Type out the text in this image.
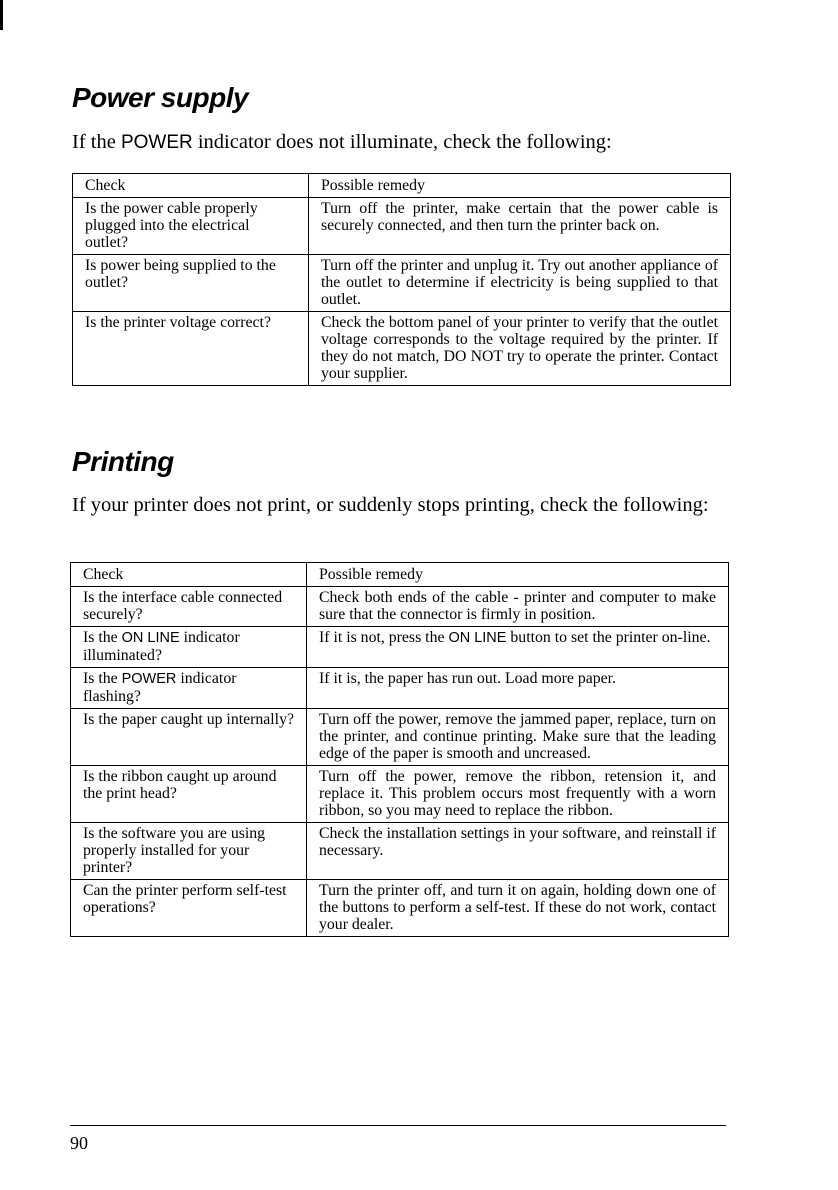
Power supply

If the POWER indicator does not illuminate, check the following:

Check	Possible remedy
Is the power cable properly plugged into the electrical outlet?	Turn off the printer, make certain that the power cable is securely connected, and then turn the printer back on.
Is power being supplied to the outlet?	Turn off the printer and unplug it. Try out another appliance of the outlet to determine if electricity is being supplied to that outlet.
Is the printer voltage correct?	Check the bottom panel of your printer to verify that the outlet voltage corresponds to the voltage required by the printer. If they do not match, DO NOT try to operate the printer. Contact your supplier.
Printing

If your printer does not print, or suddenly stops printing, check the following:

Check	Possible remedy
Is the interface cable connected securely?	Check both ends of the cable - printer and computer to make sure that the connector is firmly in position.
Is the ON LINE indicator illuminated?	If it is not, press the ON LINE button to set the printer on-line.
Is the POWER indicator flashing?	If it is, the paper has run out. Load more paper.
Is the paper caught up internally?	Turn off the power, remove the jammed paper, replace, turn on the printer, and continue printing. Make sure that the leading edge of the paper is smooth and uncreased.
Is the ribbon caught up around the print head?	Turn off the power, remove the ribbon, retension it, and replace it. This problem occurs most frequently with a worn ribbon, so you may need to replace the ribbon.
Is the software you are using properly installed for your printer?	Check the installation settings in your software, and reinstall if necessary.
Can the printer perform self-test operations?	Turn the printer off, and turn it on again, holding down one of the buttons to perform a self-test. If these do not work, contact your dealer.
90
